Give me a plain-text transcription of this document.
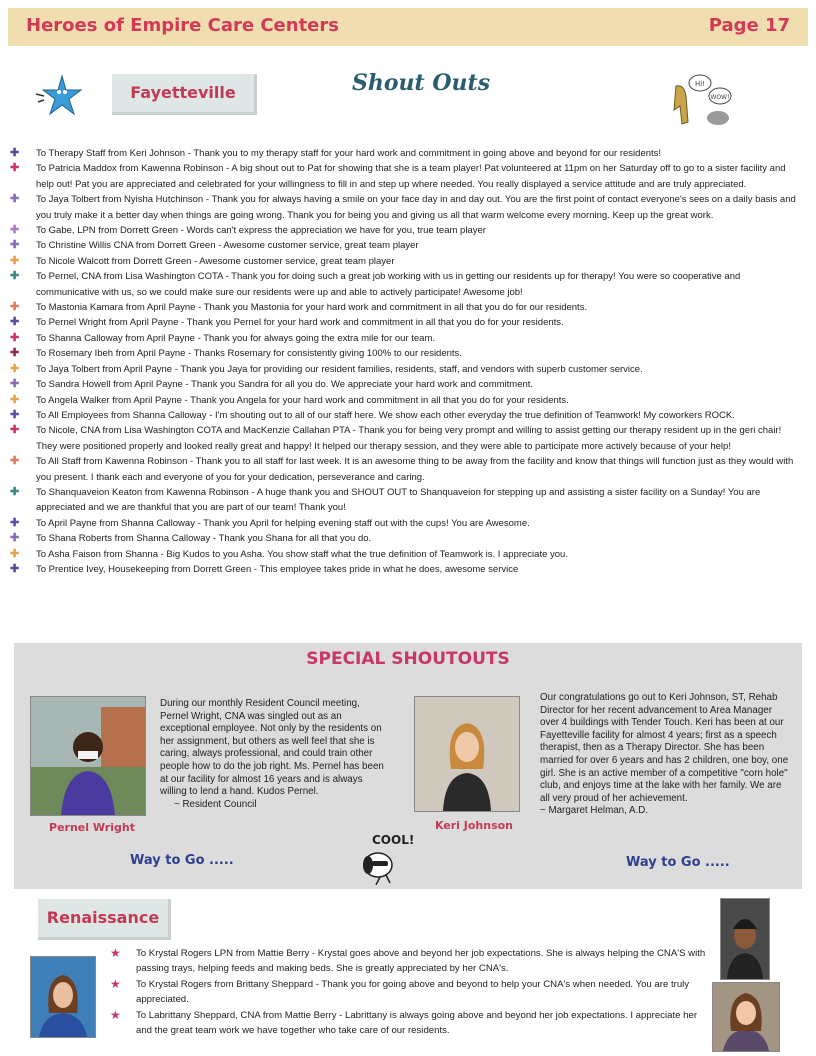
Heroes of Empire Care Centers	Page 17
Fayetteville	Shout Outs	Hi!
WOW!
✚ To Therapy Staff from Keri Johnson - Thank you to my therapy staff for your hard work and commitment in going above and beyond for our residents!
✚ To Patricia Maddox from Kawenna Robinson - A big shout out to Pat for showing that she is a team player! Pat volunteered at 11pm on her Saturday off to go to a sister facility and help out! Pat you are appreciated and celebrated for your willingness to fill in and step up where needed. You really displayed a service attitude and are truly appreciated.
✚ To Jaya Tolbert from Nyisha Hutchinson - Thank you for always having a smile on your face day in and day out. You are the first point of contact everyone's sees on a daily basis and you truly make it a better day when things are going wrong. Thank you for being you and giving us all that warm welcome every morning. Keep up the great work.
✚ To Gabe, LPN from Dorrett Green - Words can't express the appreciation we have for you, true team player
✚ To Christine Willis CNA from Dorrett Green - Awesome customer service, great team player
✚ To Nicole Walcott from Dorrett Green - Awesome customer service, great team player
✚ To Pernel, CNA from Lisa Washington COTA - Thank you for doing such a great job working with us in getting our residents up for therapy! You were so cooperative and communicative with us, so we could make sure our residents were up and able to actively participate! Awesome job!
✚ To Mastonia Kamara from April Payne - Thank you Mastonia for your hard work and commitment in all that you do for our residents.
✚ To Pernel Wright from April Payne - Thank you Pernel for your hard work and commitment in all that you do for your residents.
✚ To Shanna Calloway from April Payne - Thank you for always going the extra mile for our team.
✚ To Rosemary Ibeh from April Payne - Thanks Rosemary for consistently giving 100% to our residents.
✚ To Jaya Tolbert from April Payne - Thank you Jaya for providing our resident families, residents, staff, and vendors with superb customer service.
✚ To Sandra Howell from April Payne - Thank you Sandra for all you do. We appreciate your hard work and commitment.
✚ To Angela Walker from April Payne - Thank you Angela for your hard work and commitment in all that you do for your residents.
✚ To All Employees from Shanna Calloway - I'm shouting out to all of our staff here. We show each other everyday the true definition of Teamwork! My coworkers ROCK.
✚ To Nicole, CNA from Lisa Washington COTA and MacKenzie Callahan PTA - Thank you for being very prompt and willing to assist getting our therapy resident up in the geri chair! They were positioned properly and looked really great and happy! It helped our therapy session, and they were able to participate more actively because of your help!
✚ To All Staff from Kawenna Robinson - Thank you to all staff for last week. It is an awesome thing to be away from the facility and know that things will function just as they would with you present. I thank each and everyone of you for your dedication, perseverance and caring.
✚ To Shanquaveion Keaton from Kawenna Robinson - A huge thank you and SHOUT OUT to Shanquaveion for stepping up and assisting a sister facility on a Sunday! You are appreciated and we are thankful that you are part of our team! Thank you!
✚ To April Payne from Shanna Calloway - Thank you April for helping evening staff out with the cups! You are Awesome.
✚ To Shana Roberts from Shanna Calloway - Thank you Shana for all that you do.
✚ To Asha Faison from Shanna - Big Kudos to you Asha. You show staff what the true definition of Teamwork is. I appreciate you.
✚ To Prentice Ivey, Housekeeping from Dorrett Green - This employee takes pride in what he does, awesome service
SPECIAL SHOUTOUTS
Pernel Wright
During our monthly Resident Council meeting, Pernel Wright, CNA was singled out as an exceptional employee. Not only by the residents on her assignment, but others as well feel that she is caring, always professional, and could train other people how to do the job right. Ms. Pernel has been at our facility for almost 16 years and is always willing to lend a hand. Kudos Pernel.
~ Resident Council
Way to Go .....
Keri Johnson
Our congratulations go out to Keri Johnson, ST, Rehab Director for her recent advancement to Area Manager over 4 buildings with Tender Touch. Keri has been at our Fayetteville facility for almost 4 years; first as a speech therapist, then as a Therapy Director. She has been married for over 6 years and has 2 children, one boy, one girl. She is an active member of a competitive "corn hole" club, and enjoys time at the lake with her family. We are all very proud of her achievement.
~ Margaret Helman, A.D.
Way to Go .....
COOL!
Renaissance
★ To Krystal Rogers LPN from Mattie Berry - Krystal goes above and beyond her job expectations. She is always helping the CNA'S with passing trays, helping feeds and making beds. She is greatly appreciated by her CNA's.
★ To Krystal Rogers from Brittany Sheppard - Thank you for going above and beyond to help your CNA's when needed. You are truly appreciated.
★ To Labrittany Sheppard, CNA from Mattie Berry - Labrittany is always going above and beyond her job expectations. I appreciate her and the great team work we have together who take care of our residents.
